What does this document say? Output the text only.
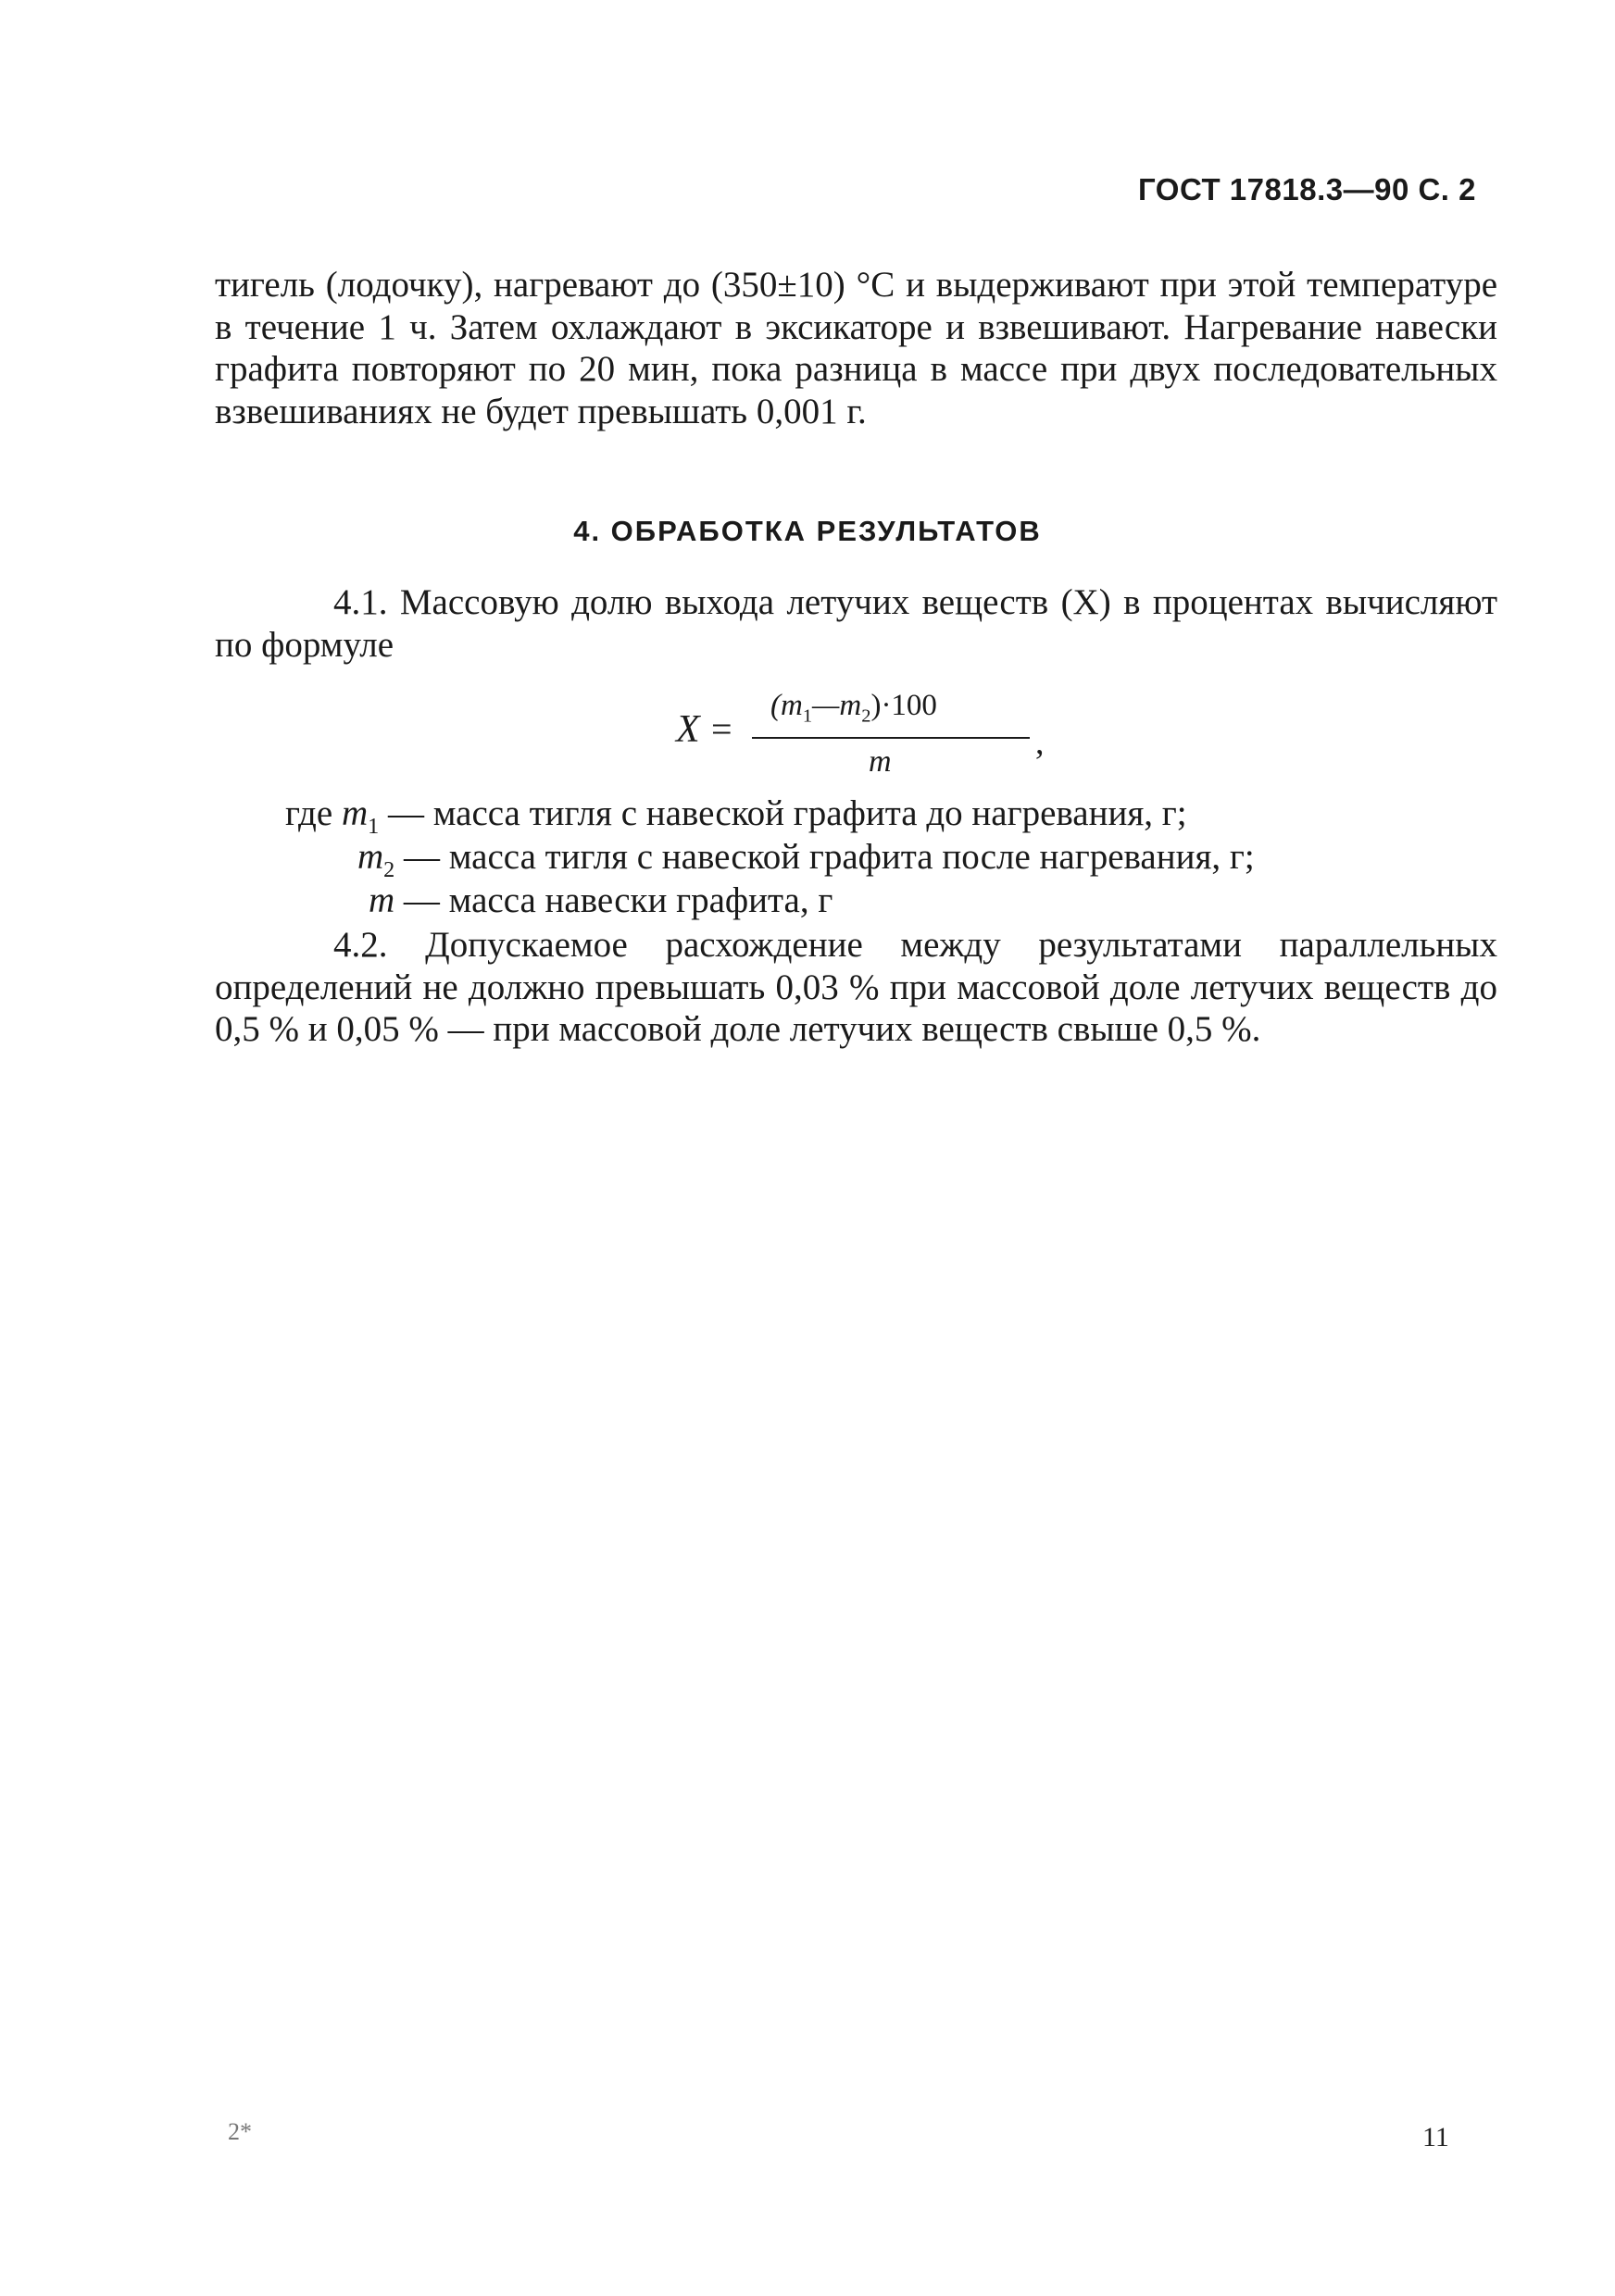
ГОСТ 17818.3—90 С. 2
тигель (лодочку), нагревают до (350±10) °С и выдерживают при этой температуре в течение 1 ч. Затем охлаждают в эксикаторе и взвешивают. Нагревание навески графита повторяют по 20 мин, пока разница в массе при двух последовательных взвешиваниях не будет превышать 0,001 г.
4. ОБРАБОТКА РЕЗУЛЬТАТОВ
4.1. Массовую долю выхода летучих веществ (X) в процентах вычисляют по формуле
X =
$(m_1—m_2)\cdot 100$
m	,
где $m_1$ — масса тигля с навеской графита до нагревания, г;
$m_2$ — масса тигля с навеской графита после нагревания, г;
m — масса навески графита, г
4.2. Допускаемое расхождение между результатами параллельных определений не должно превышать 0,03 % при массовой доле летучих веществ до 0,5 % и 0,05 % — при массовой доле летучих веществ свыше 0,5 %.
2*	11
